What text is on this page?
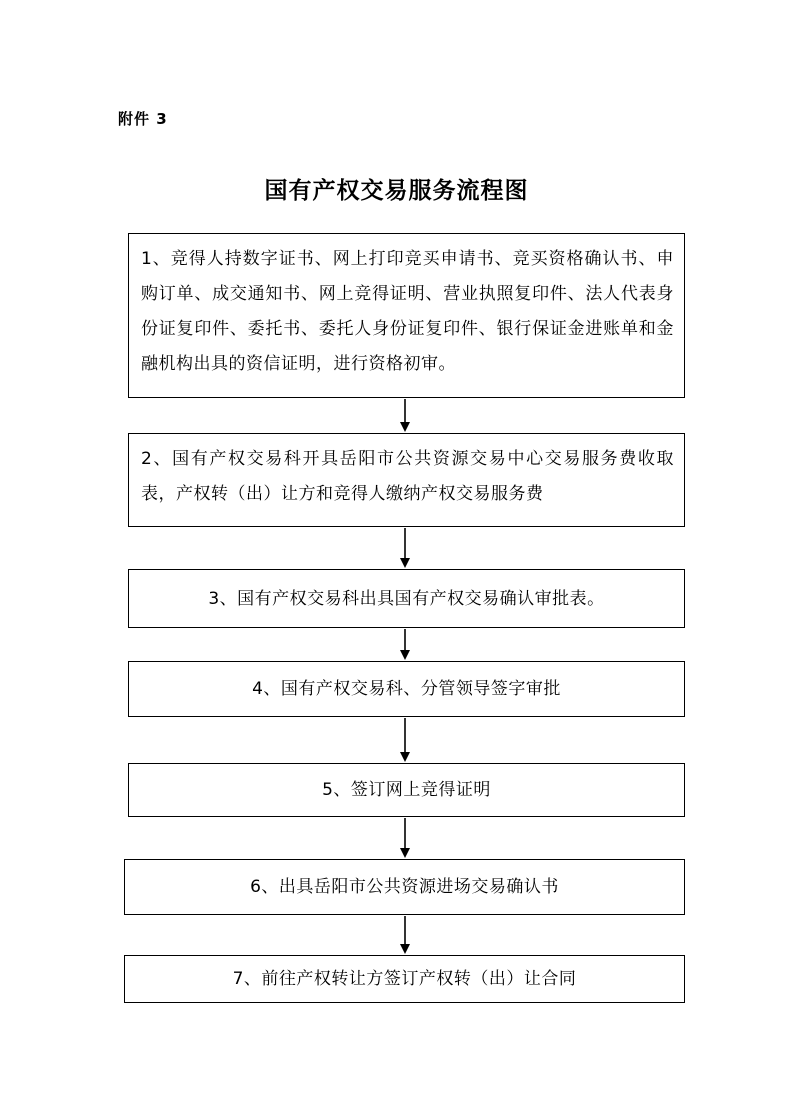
附件 3
国有产权交易服务流程图
1、竞得人持数字证书、网上打印竞买申请书、竞买资格确认书、申购订单、成交通知书、网上竞得证明、营业执照复印件、法人代表身份证复印件、委托书、委托人身份证复印件、银行保证金进账单和金融机构出具的资信证明，进行资格初审。
2、国有产权交易科开具岳阳市公共资源交易中心交易服务费收取表，产权转（出）让方和竞得人缴纳产权交易服务费
3、国有产权交易科出具国有产权交易确认审批表。
4、国有产权交易科、分管领导签字审批
5、签订网上竞得证明
6、出具岳阳市公共资源进场交易确认书
7、前往产权转让方签订产权转（出）让合同
